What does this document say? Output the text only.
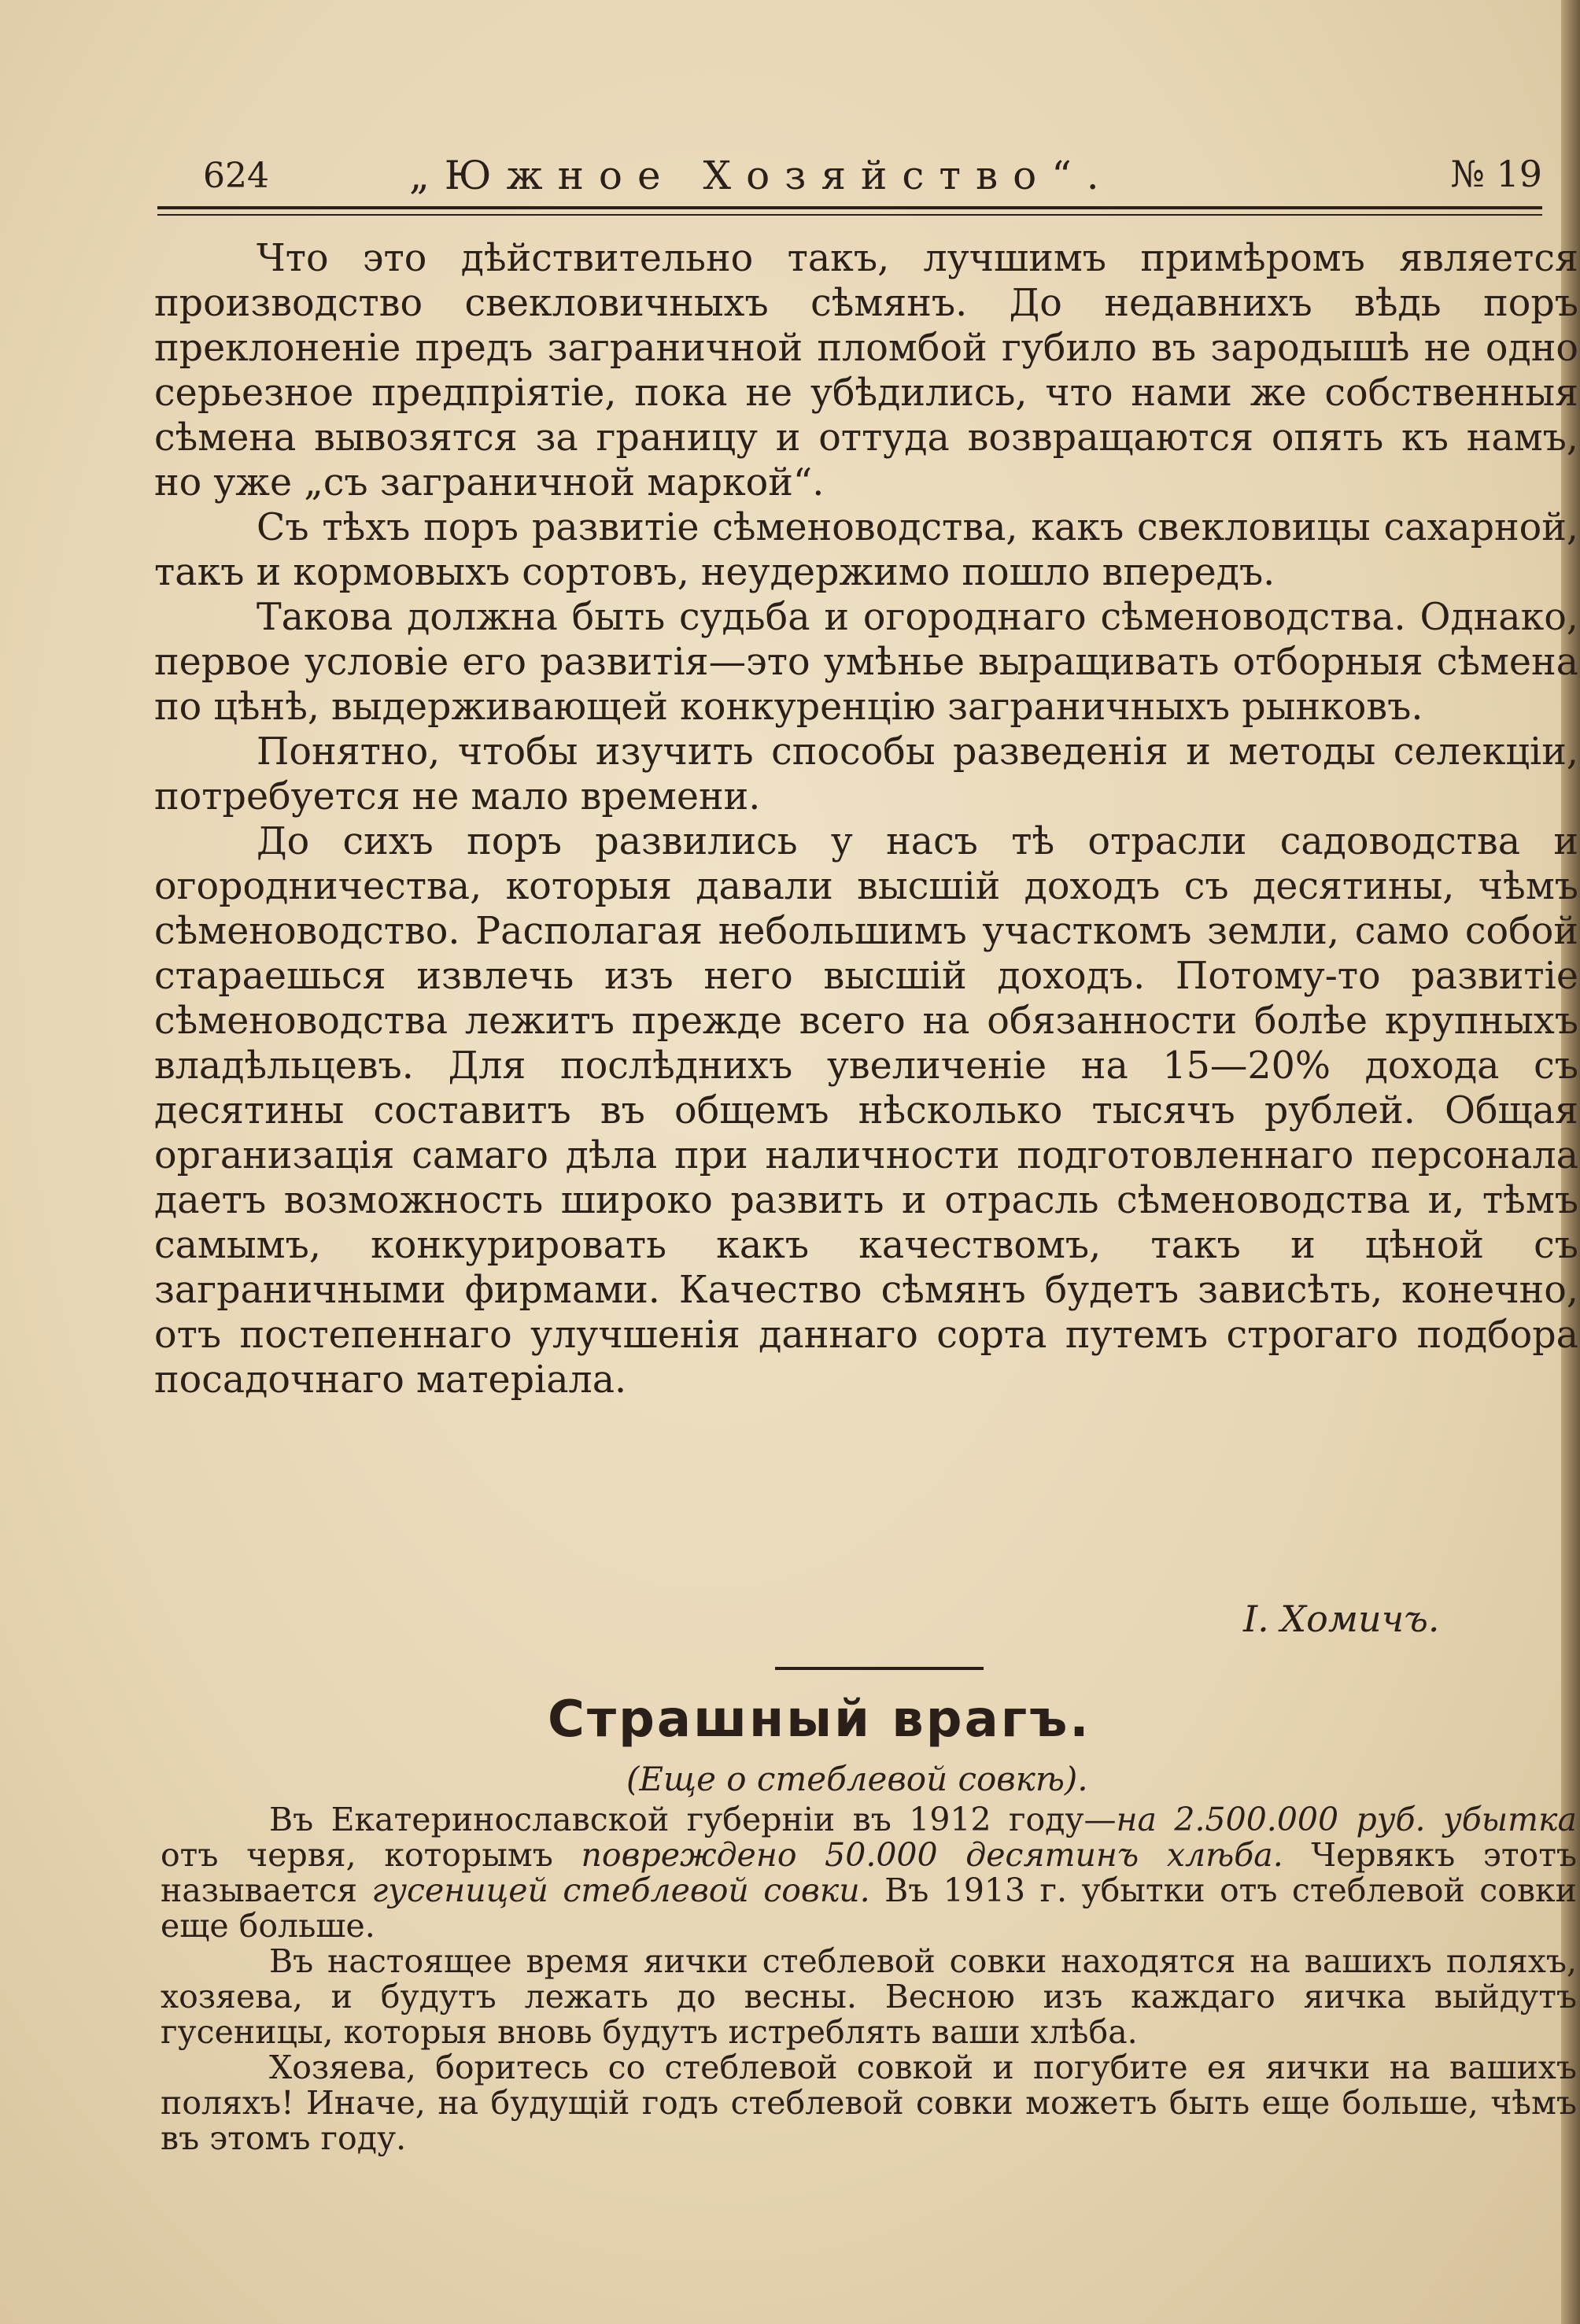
624	„Южное Хозяйство“.	№ 19

Что это дѣйствительно такъ, лучшимъ примѣромъ является производство свекловичныхъ сѣмянъ. До недавнихъ вѣдь поръ преклоненіе предъ заграничной пломбой губило въ зародышѣ не одно серьезное предпріятіе, пока не убѣдились, что нами же собственныя сѣмена вывозятся за границу и оттуда возвращаются опять къ намъ, но уже „съ заграничной маркой“.

Съ тѣхъ поръ развитіе сѣменоводства, какъ свекловицы сахарной, такъ и кормовыхъ сортовъ, неудержимо пошло впередъ.

Такова должна быть судьба и огороднаго сѣменоводства. Однако, первое условіе его развитія—это умѣнье выращивать отборныя сѣмена по цѣнѣ, выдерживающей конкуренцію заграничныхъ рынковъ.

Понятно, чтобы изучить способы разведенія и методы селекціи, потребуется не мало времени.

До сихъ поръ развились у насъ тѣ отрасли садоводства и огородничества, которыя давали высшій доходъ съ десятины, чѣмъ сѣменоводство. Располагая небольшимъ участкомъ земли, само собой стараешься извлечь изъ него высшій доходъ. Потому-то развитіе сѣменоводства лежитъ прежде всего на обязанности болѣе крупныхъ владѣльцевъ. Для послѣднихъ увеличеніе на 15—20% дохода съ десятины составитъ въ общемъ нѣсколько тысячъ рублей. Общая организація самаго дѣла при наличности подготовленнаго персонала даетъ возможность широко развить и отрасль сѣменоводства и, тѣмъ самымъ, конкурировать какъ качествомъ, такъ и цѣной съ заграничными фирмами. Качество сѣмянъ будетъ зависѣть, конечно, отъ постепеннаго улучшенія даннаго сорта путемъ строгаго подбора посадочнаго матеріала.

І. Хомичъ.
Страшный врагъ.
(Еще о стеблевой совкѣ).

Въ Екатеринославской губерніи въ 1912 году—на 2.500.000 руб. убытка отъ червя, которымъ повреждено 50.000 десятинъ хлѣба. Червякъ этотъ называется гусеницей стеблевой совки. Въ 1913 г. убытки отъ стеблевой совки еще больше.

Въ настоящее время яички стеблевой совки находятся на вашихъ поляхъ, хозяева, и будутъ лежать до весны. Весною изъ каждаго яичка выйдутъ гусеницы, которыя вновь будутъ истреблять ваши хлѣба.

Хозяева, боритесь со стеблевой совкой и погубите ея яички на вашихъ поляхъ! Иначе, на будущій годъ стеблевой совки можетъ быть еще больше, чѣмъ въ этомъ году.
